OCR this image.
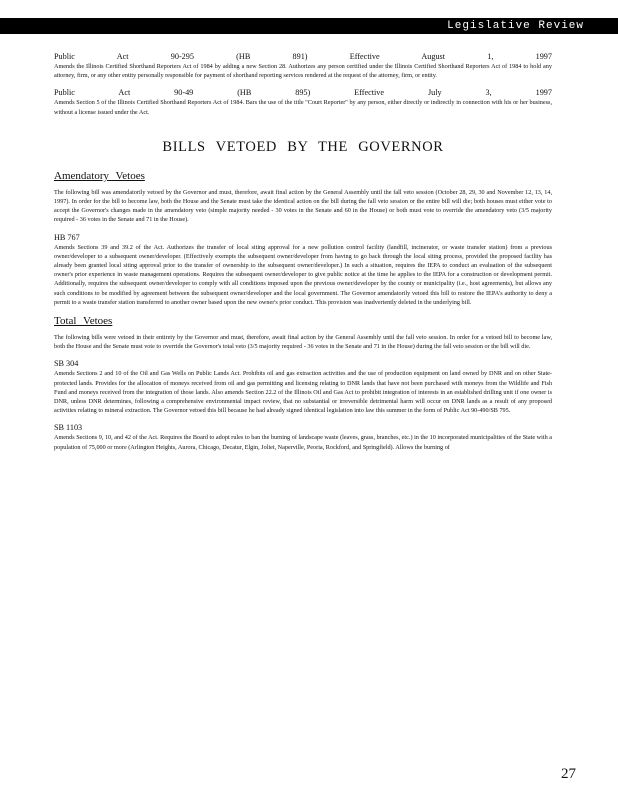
Legislative Review
Public Act 90-295 (HB 891) Effective August 1, 1997
Amends the Illinois Certified Shorthand Reporters Act of 1984 by adding a new Section 28. Authorizes any person certified under the Illinois Certified Shorthand Reporters Act of 1984 to hold any attorney, firm, or any other entity personally responsible for payment of shorthand reporting services rendered at the request of the attorney, firm, or entity.
Public Act 90-49 (HB 895) Effective July 3, 1997
Amends Section 5 of the Illinois Certified Shorthand Reporters Act of 1984. Bars the use of the title "Court Reporter" by any person, either directly or indirectly in connection with his or her business, without a license issued under the Act.
BILLS VETOED BY THE GOVERNOR
Amendatory Vetoes
The following bill was amendatorily vetoed by the Governor and must, therefore, await final action by the General Assembly until the fall veto session (October 28, 29, 30 and November 12, 13, 14, 1997). In order for the bill to become law, both the House and the Senate must take the identical action on the bill during the fall veto session or the entire bill will die; both houses must either vote to accept the Governor's changes made in the amendatory veto (simple majority needed - 30 votes in the Senate and 60 in the House) or both must vote to override the amendatory veto (3/5 majority required - 36 votes in the Senate and 71 in the House).
HB 767
Amends Sections 39 and 39.2 of the Act. Authorizes the transfer of local siting approval for a new pollution control facility (landfill, incinerator, or waste transfer station) from a previous owner/developer to a subsequent owner/developer. (Effectively exempts the subsequent owner/developer from having to go back through the local siting process, provided the proposed facility has already been granted local siting approval prior to the transfer of ownership to the subsequent owner/developer.) In such a situation, requires the IEPA to conduct an evaluation of the subsequent owner's prior experience in waste management operations. Requires the subsequent owner/developer to give public notice at the time he applies to the IEPA for a construction or development permit. Additionally, requires the subsequent owner/developer to comply with all conditions imposed upon the previous owner/developer by the county or municipality (i.e., host agreements), but allows any such conditions to be modified by agreement between the subsequent owner/developer and the local government. The Governor amendatorily vetoed this bill to restore the IEPA's authority to deny a permit to a waste transfer station transferred to another owner based upon the new owner's prior conduct. This provision was inadvertently deleted in the underlying bill.
Total Vetoes
The following bills were vetoed in their entirety by the Governor and must, therefore, await final action by the General Assembly until the fall veto session. In order for a vetoed bill to become law, both the House and the Senate must vote to override the Governor's total veto (3/5 majority required - 36 votes in the Senate and 71 in the House) during the fall veto session or the bill will die.
SB 304
Amends Sections 2 and 10 of the Oil and Gas Wells on Public Lands Act. Prohibits oil and gas extraction activities and the use of production equipment on land owned by DNR and on other State-protected lands. Provides for the allocation of moneys received from oil and gas permitting and licensing relating to DNR lands that have not been purchased with moneys from the Wildlife and Fish Fund and moneys received from the integration of those lands. Also amends Section 22.2 of the Illinois Oil and Gas Act to prohibit integration of interests in an established drilling unit if one owner is DNR, unless DNR determines, following a comprehensive environmental impact review, that no substantial or irreversible detrimental harm will occur on DNR lands as a result of any proposed activities relating to mineral extraction. The Governor vetoed this bill because he had already signed identical legislation into law this summer in the form of Public Act 90-490/SB 795.
SB 1103
Amends Sections 9, 10, and 42 of the Act. Requires the Board to adopt rules to ban the burning of landscape waste (leaves, grass, branches, etc.) in the 10 incorporated municipalities of the State with a population of 75,000 or more (Arlington Heights, Aurora, Chicago, Decatur, Elgin, Joliet, Naperville, Peoria, Rockford, and Springfield). Allows the burning of
27
